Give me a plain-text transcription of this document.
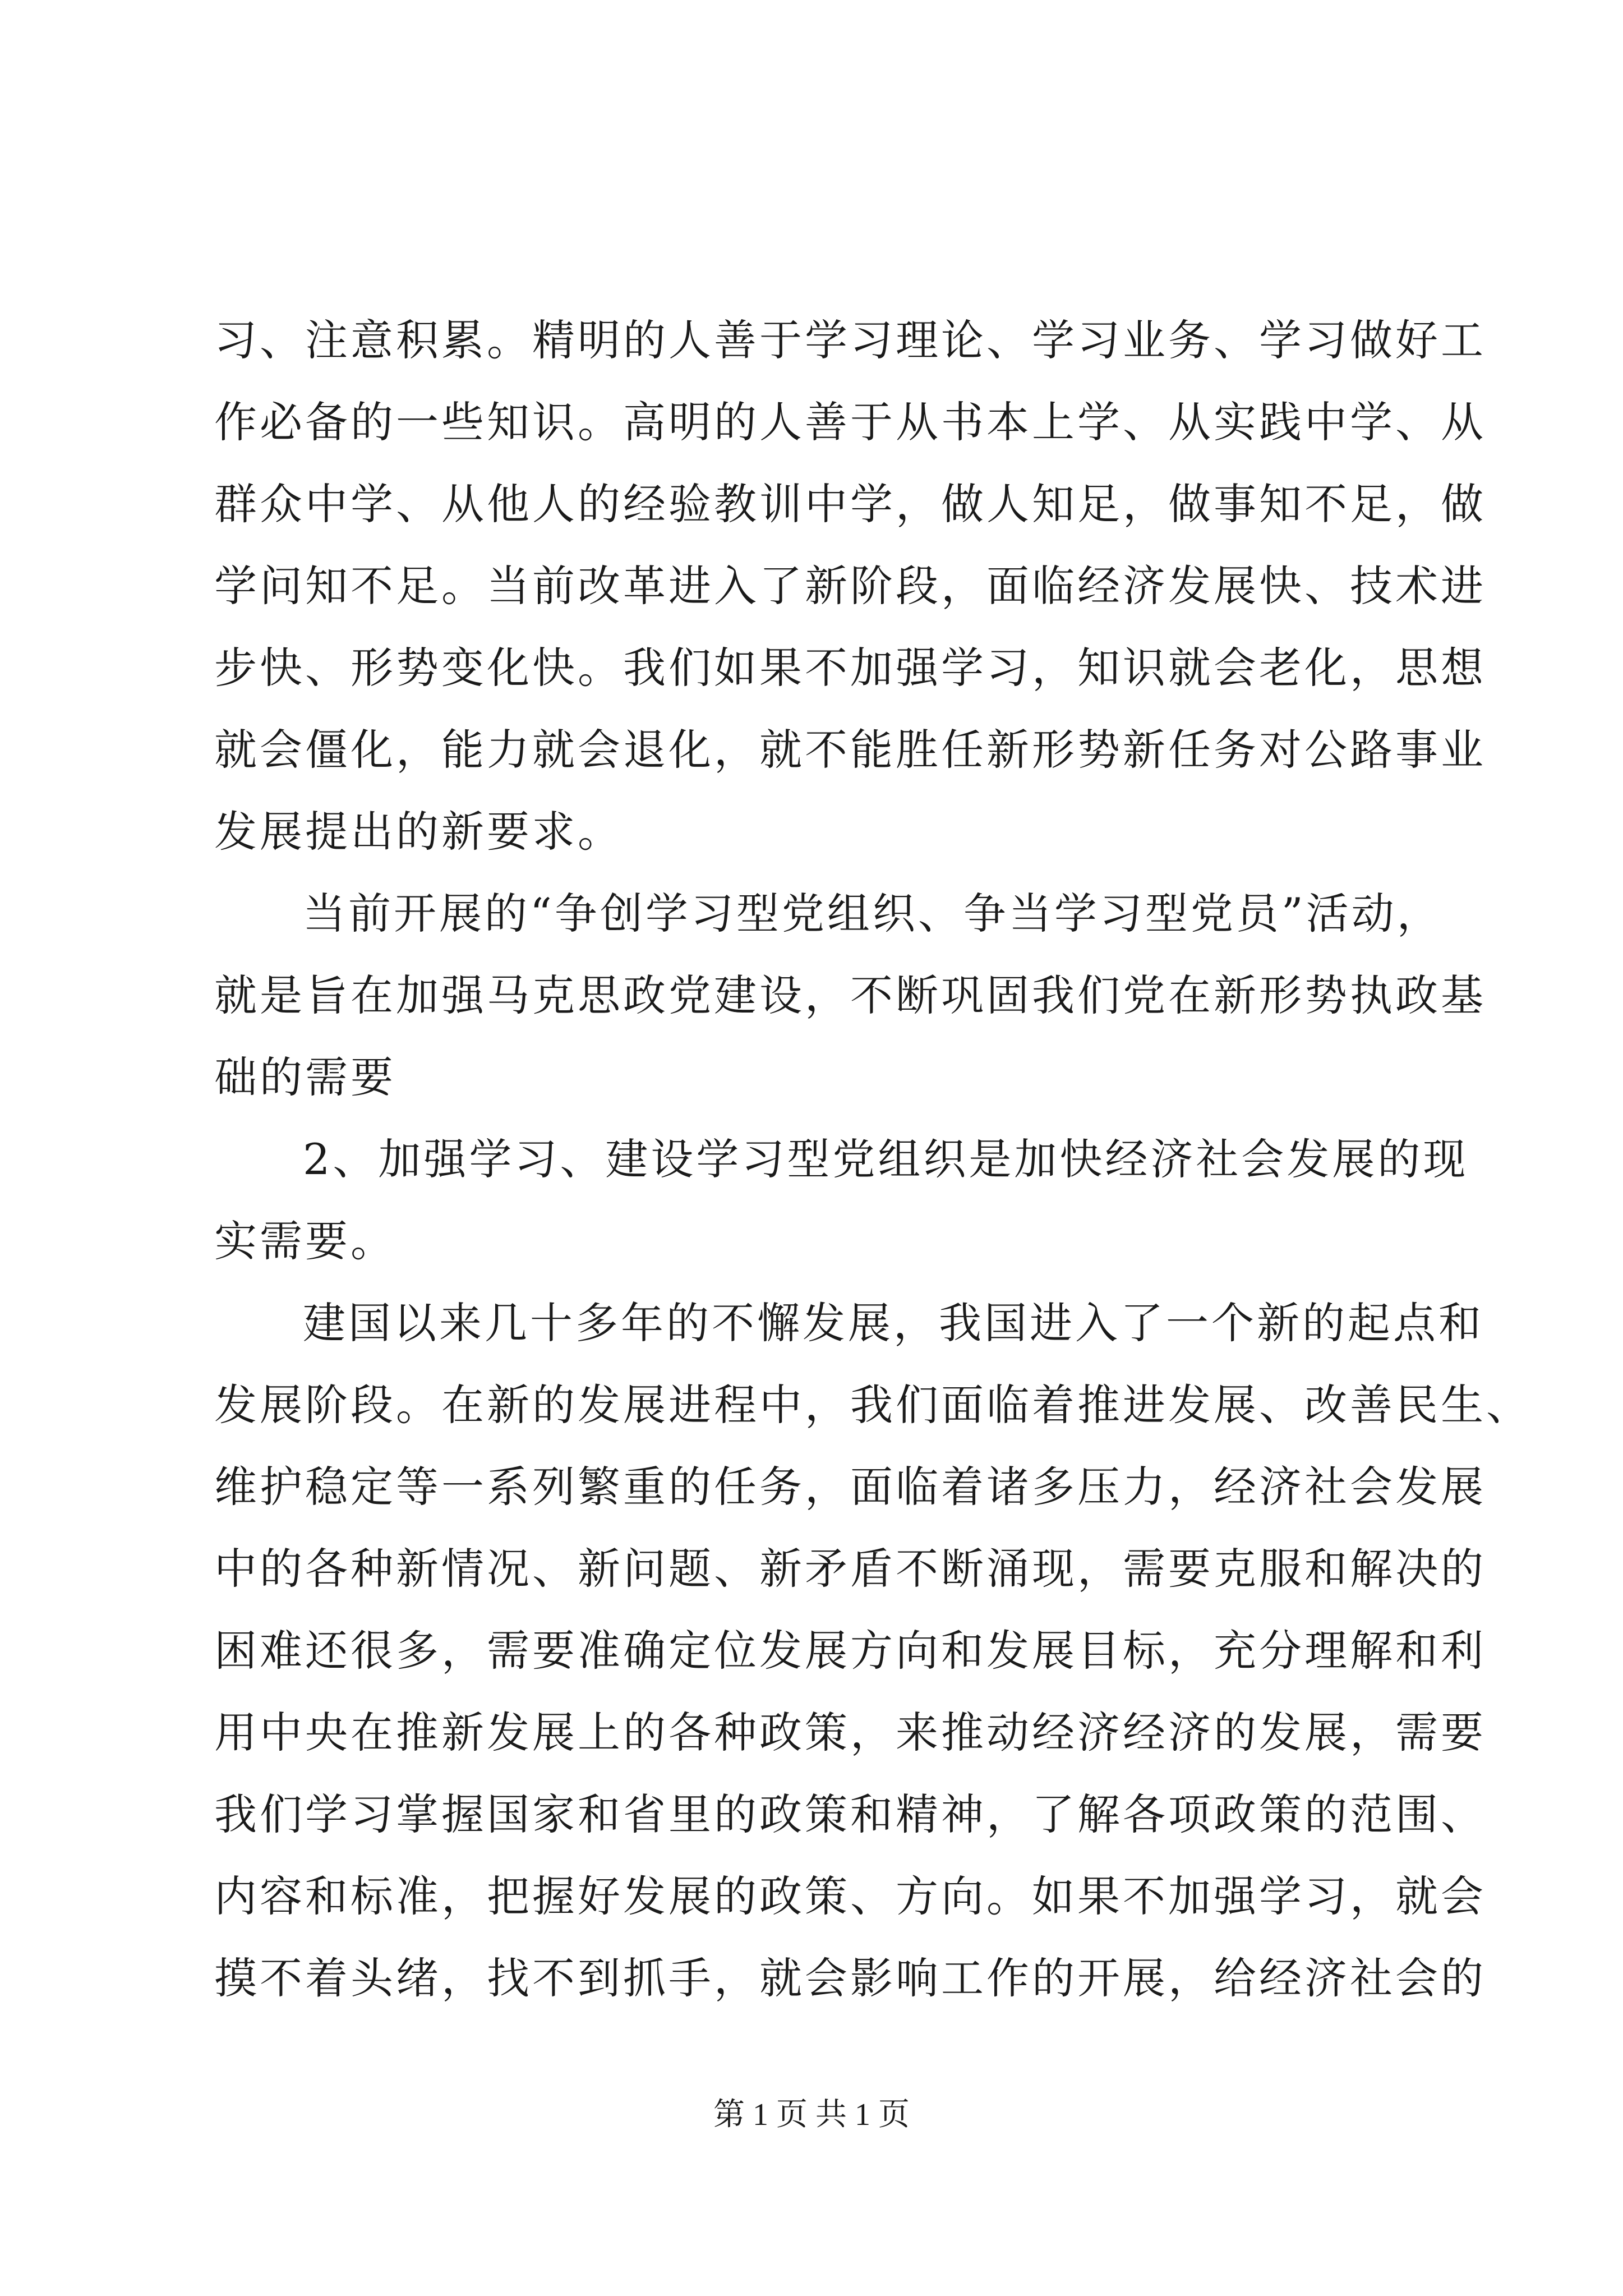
习、注意积累。精明的人善于学习理论、学习业务、学习做好工
作必备的一些知识。高明的人善于从书本上学、从实践中学、从
群众中学、从他人的经验教训中学，做人知足，做事知不足，做
学问知不足。当前改革进入了新阶段，面临经济发展快、技术进
步快、形势变化快。我们如果不加强学习，知识就会老化，思想
就会僵化，能力就会退化，就不能胜任新形势新任务对公路事业
发展提出的新要求。

当前开展的“争创学习型党组织、争当学习型党员”活动，
就是旨在加强马克思政党建设，不断巩固我们党在新形势执政基
础的需要

2、加强学习、建设学习型党组织是加快经济社会发展的现
实需要。

建国以来几十多年的不懈发展，我国进入了一个新的起点和
发展阶段。在新的发展进程中，我们面临着推进发展、改善民生、
维护稳定等一系列繁重的任务，面临着诸多压力，经济社会发展
中的各种新情况、新问题、新矛盾不断涌现，需要克服和解决的
困难还很多，需要准确定位发展方向和发展目标，充分理解和利
用中央在推新发展上的各种政策，来推动经济经济的发展，需要
我们学习掌握国家和省里的政策和精神，了解各项政策的范围、
内容和标准，把握好发展的政策、方向。如果不加强学习，就会
摸不着头绪，找不到抓手，就会影响工作的开展，给经济社会的

第 1 页 共 1 页
